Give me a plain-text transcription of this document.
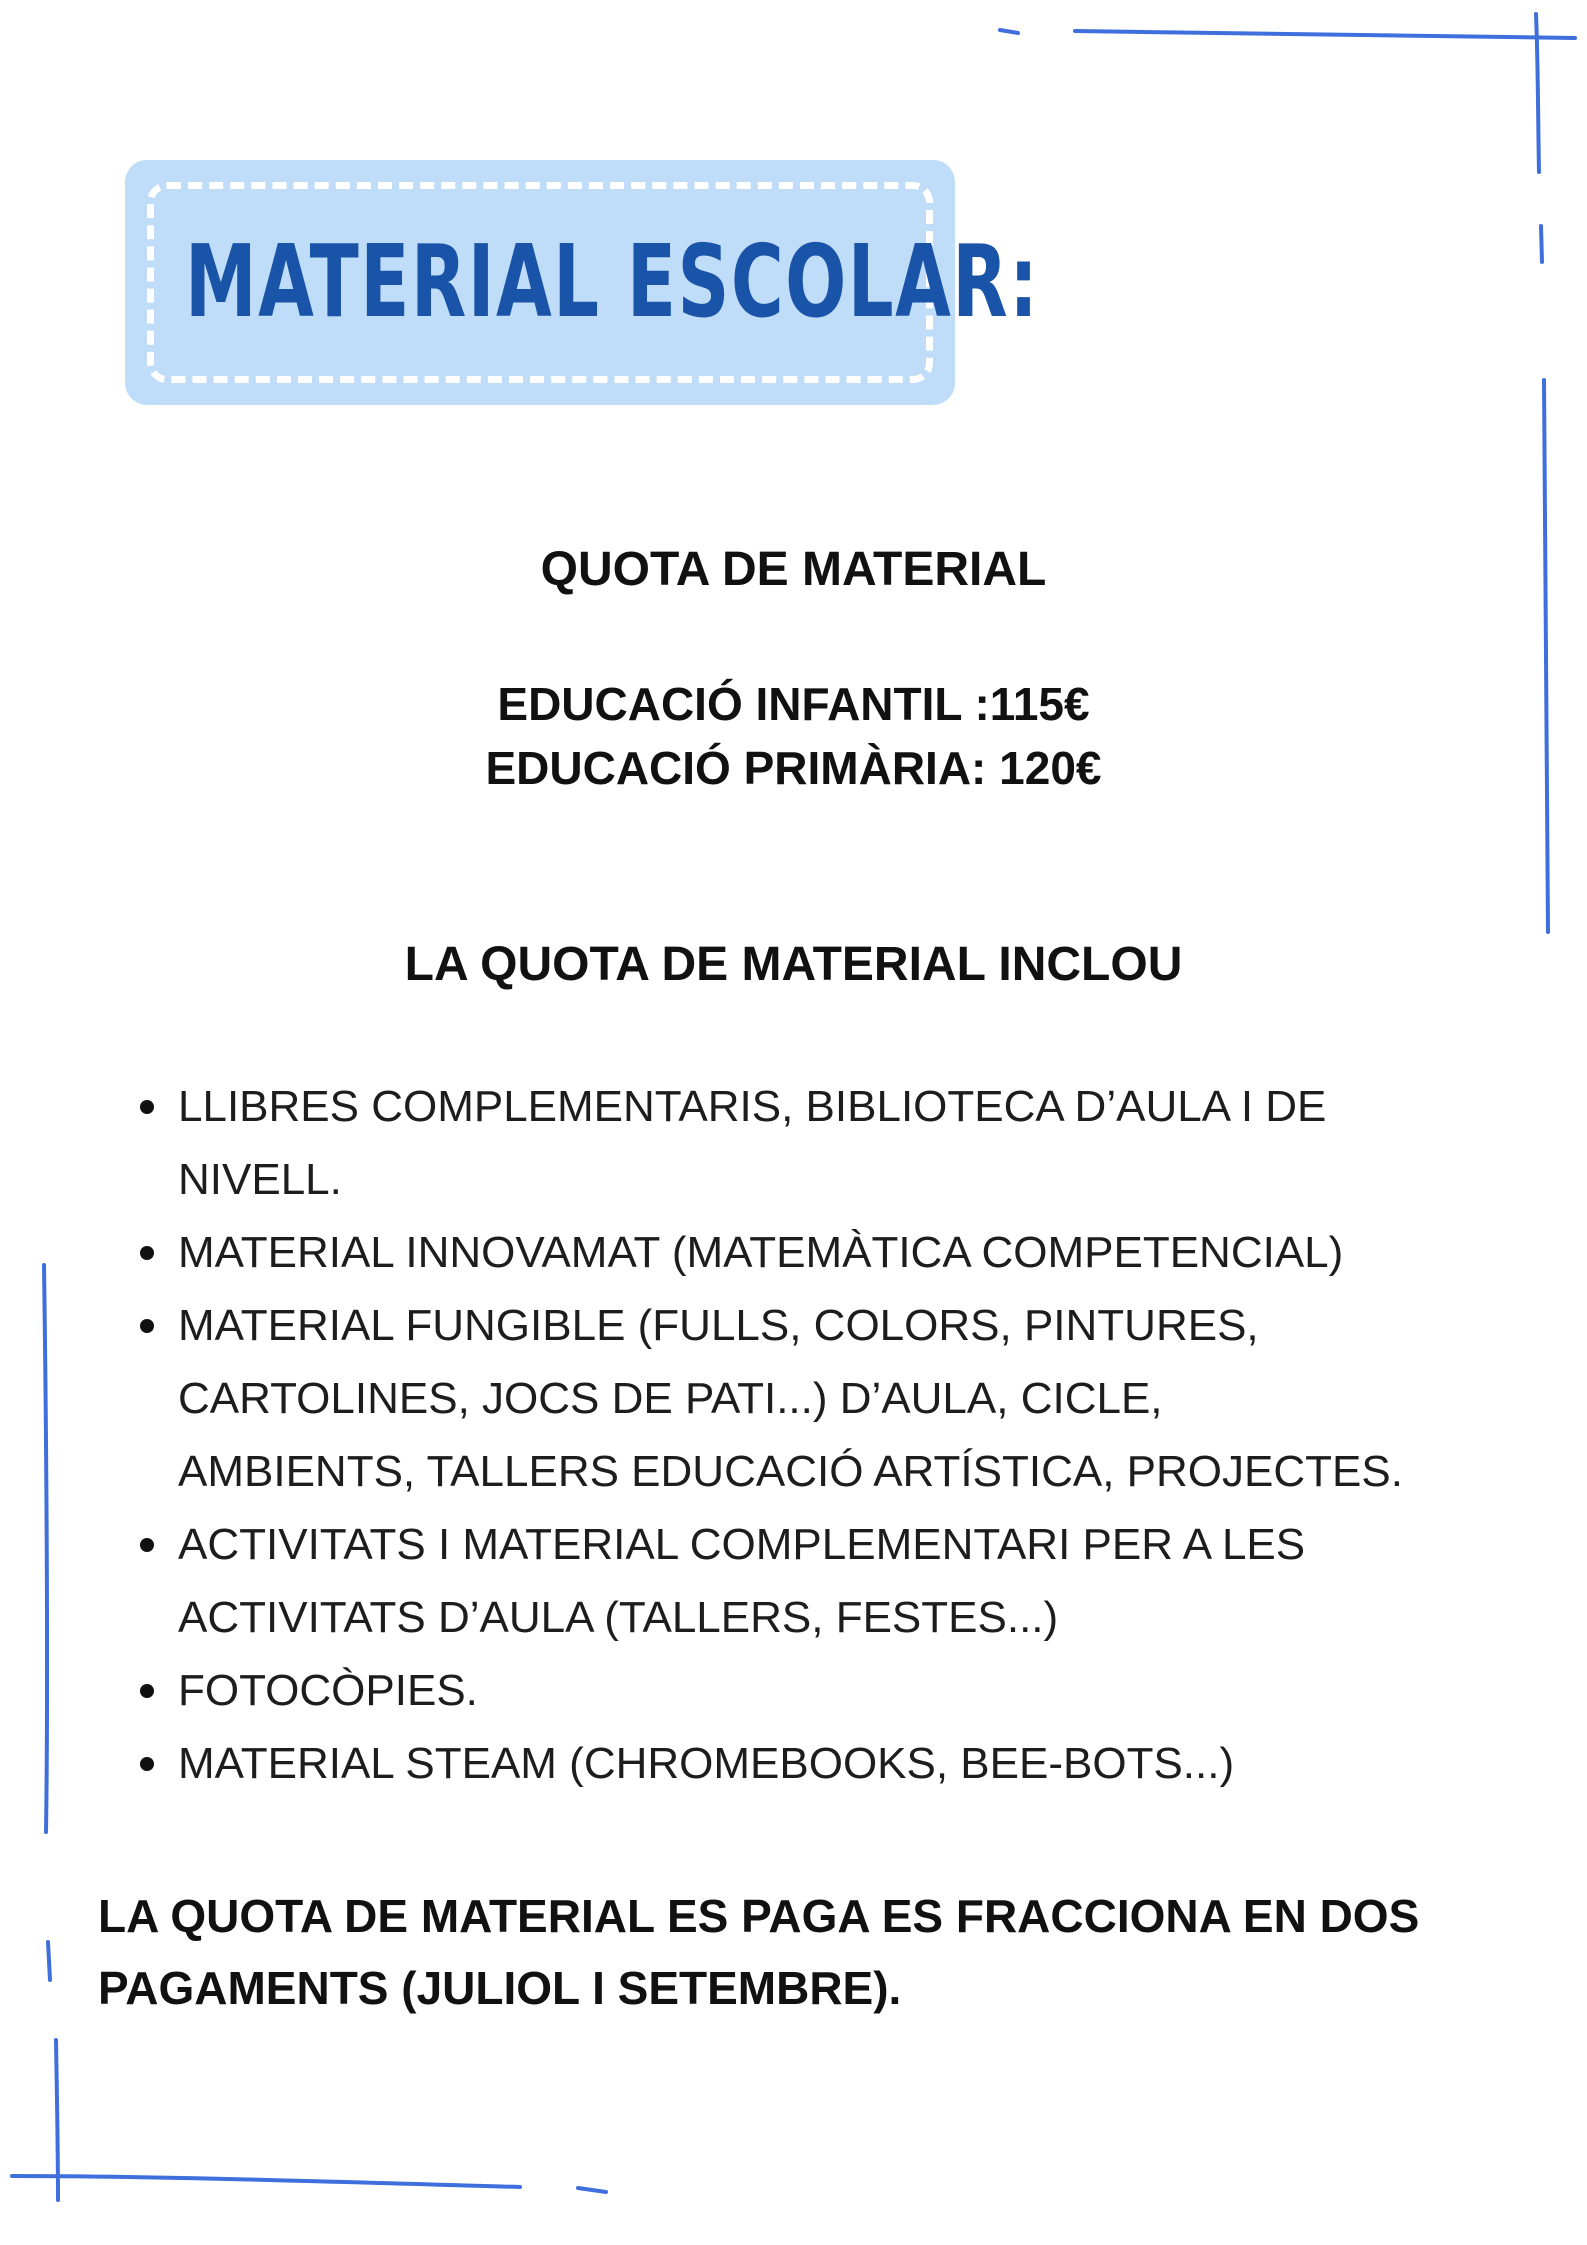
MATERIAL ESCOLAR:
QUOTA DE MATERIAL
EDUCACIÓ INFANTIL :115€
EDUCACIÓ PRIMÀRIA: 120€
LA QUOTA DE MATERIAL INCLOU
LLIBRES COMPLEMENTARIS, BIBLIOTECA D’AULA I DE NIVELL.
MATERIAL INNOVAMAT (MATEMÀTICA COMPETENCIAL)
MATERIAL FUNGIBLE (FULLS, COLORS, PINTURES, CARTOLINES, JOCS DE PATI...) D’AULA, CICLE, AMBIENTS, TALLERS EDUCACIÓ ARTÍSTICA, PROJECTES.
ACTIVITATS I MATERIAL COMPLEMENTARI PER A LES ACTIVITATS D’AULA (TALLERS, FESTES...)
FOTOCÒPIES.
MATERIAL STEAM (CHROMEBOOKS, BEE-BOTS...)
LA QUOTA DE MATERIAL ES PAGA ES FRACCIONA EN DOS PAGAMENTS (JULIOL I SETEMBRE).
